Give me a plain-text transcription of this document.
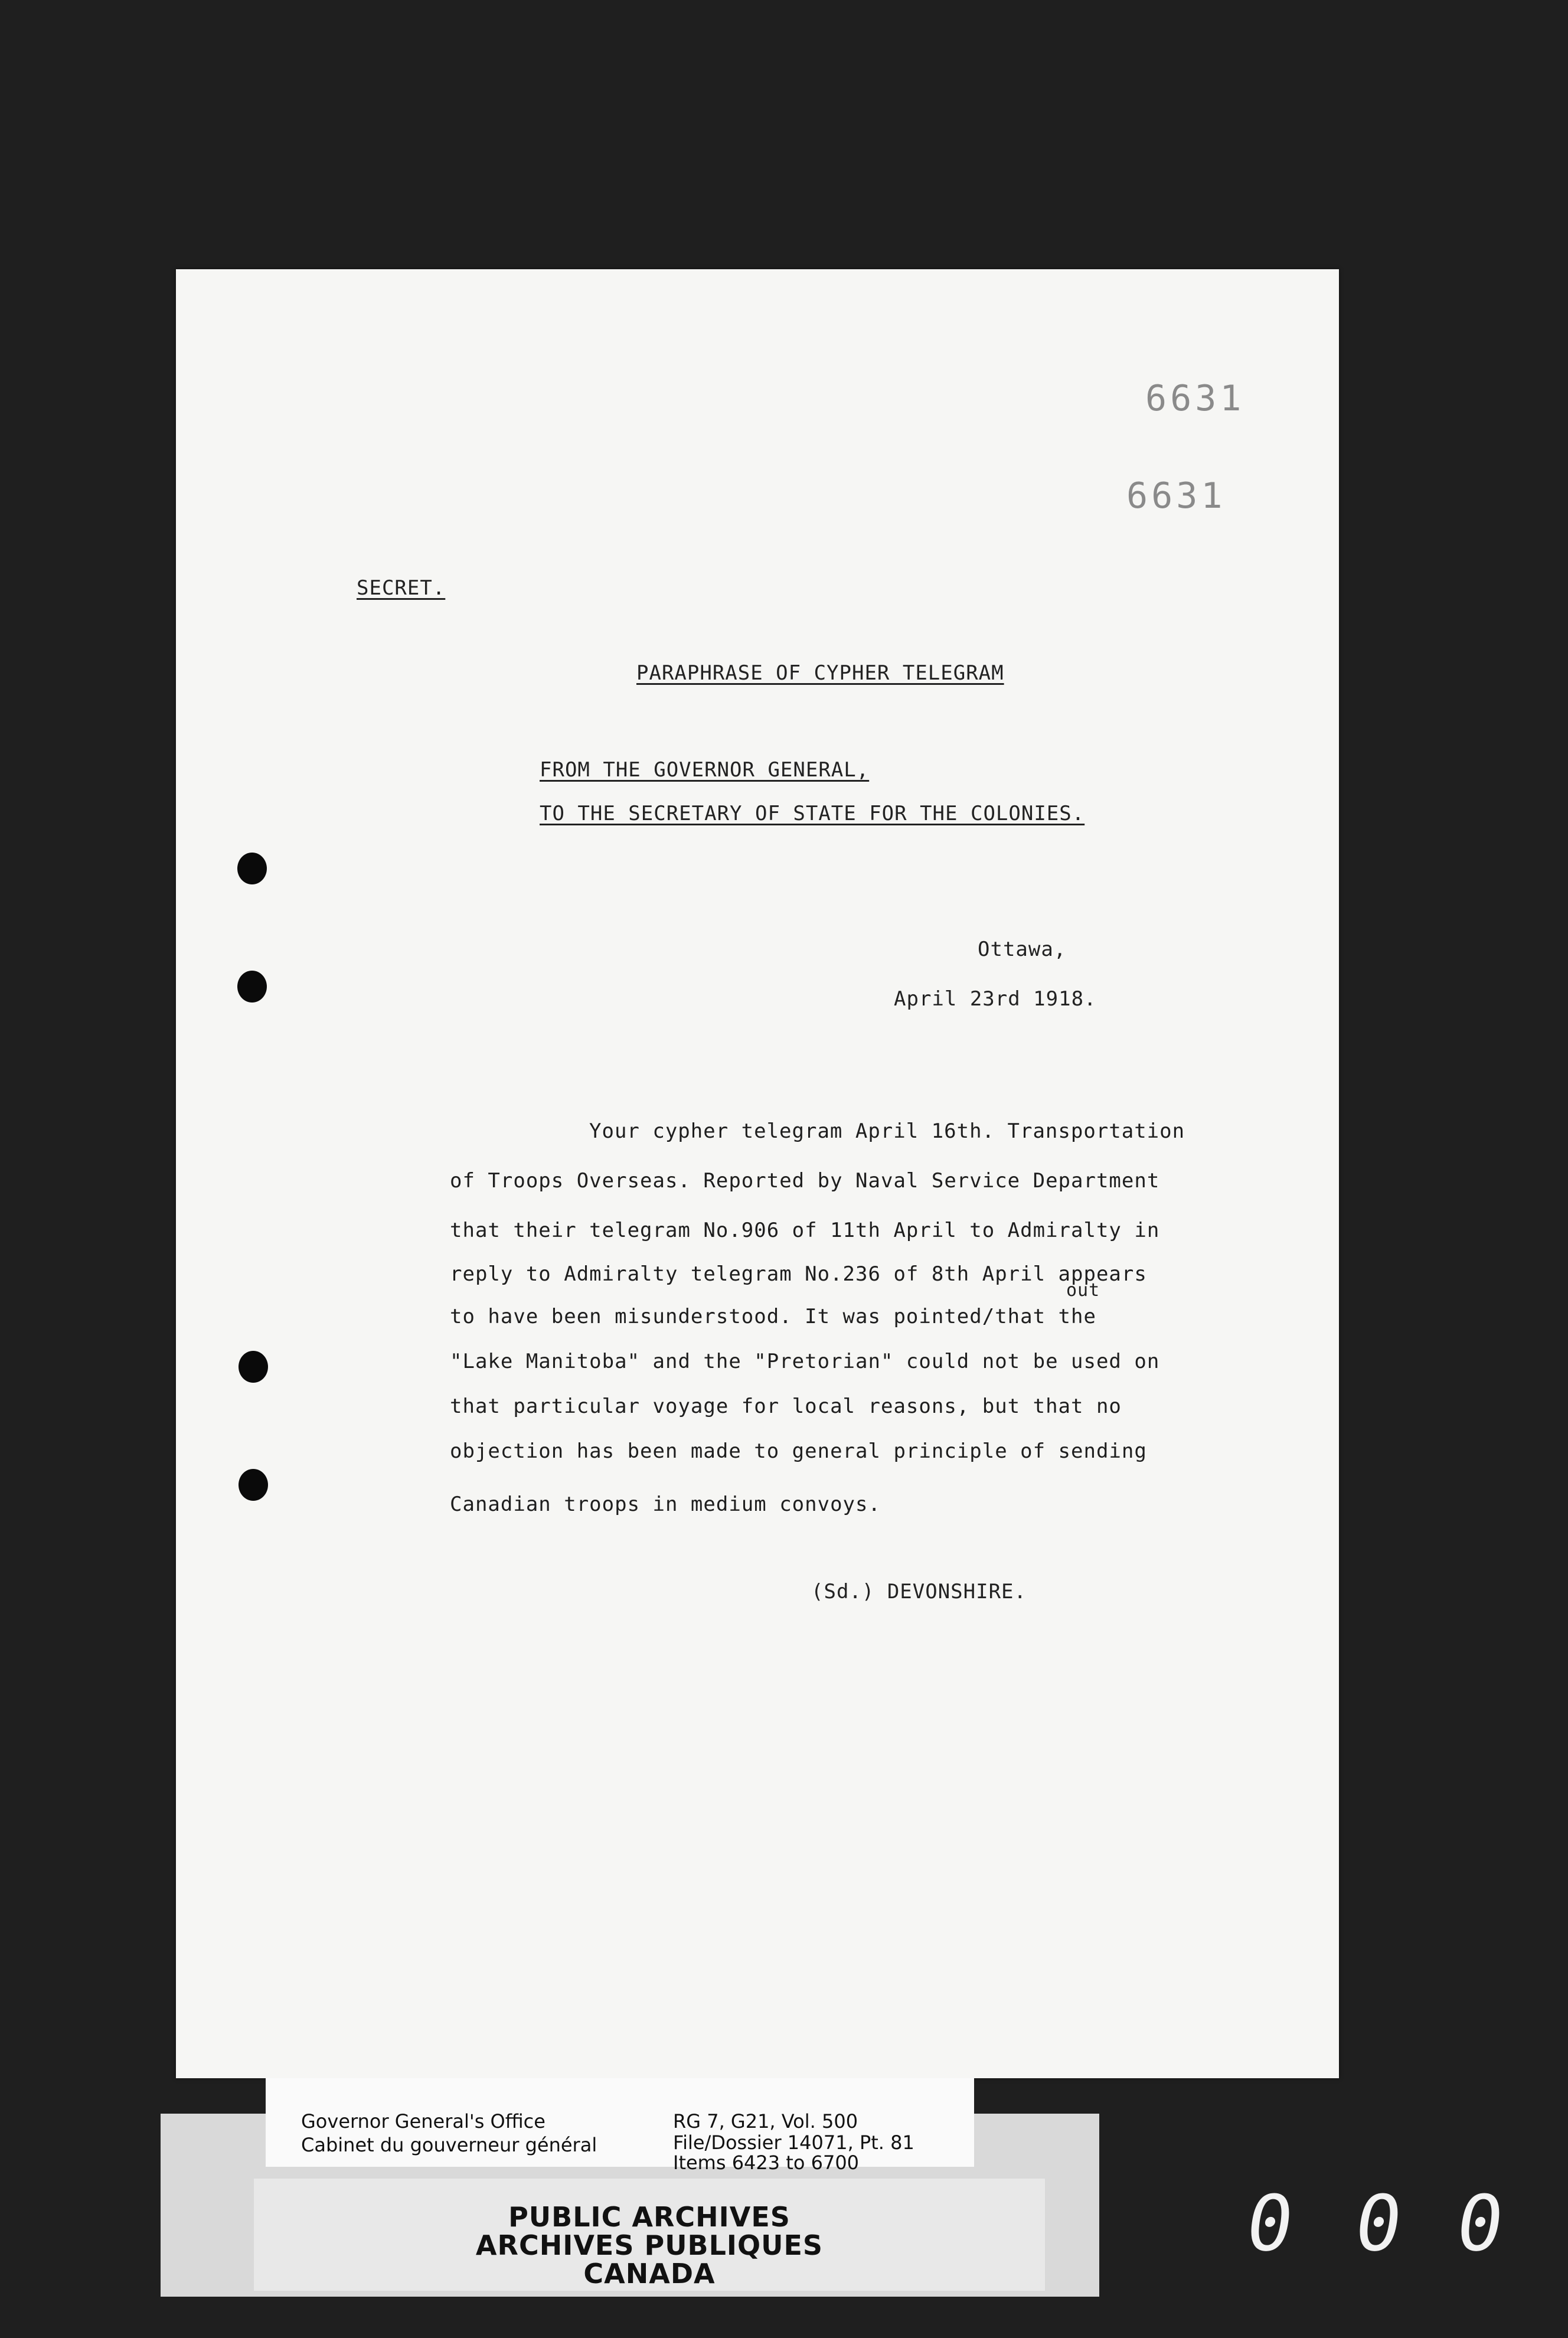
6631
6631
SECRET.
PARAPHRASE OF CYPHER TELEGRAM
FROM THE GOVERNOR GENERAL,
TO THE SECRETARY OF STATE FOR THE COLONIES.
Ottawa,
April 23rd 1918.
Your cypher telegram April 16th. Transportation
of Troops Overseas. Reported by Naval Service Department
that their telegram No.906 of 11th April to Admiralty in
reply to Admiralty telegram No.236 of 8th April appears
out
to have been misunderstood. It was pointed/that the
"Lake Manitoba" and the "Pretorian" could not be used on
that particular voyage for local reasons, but that no
objection has been made to general principle of sending
Canadian troops in medium convoys.
(Sd.) DEVONSHIRE.
Governor General's Office
Cabinet du gouverneur général
RG 7, G21, Vol. 500
File/Dossier 14071, Pt. 81
Items 6423 to 6700
PUBLIC ARCHIVES
ARCHIVES PUBLIQUES
CANADA
0 0 0
